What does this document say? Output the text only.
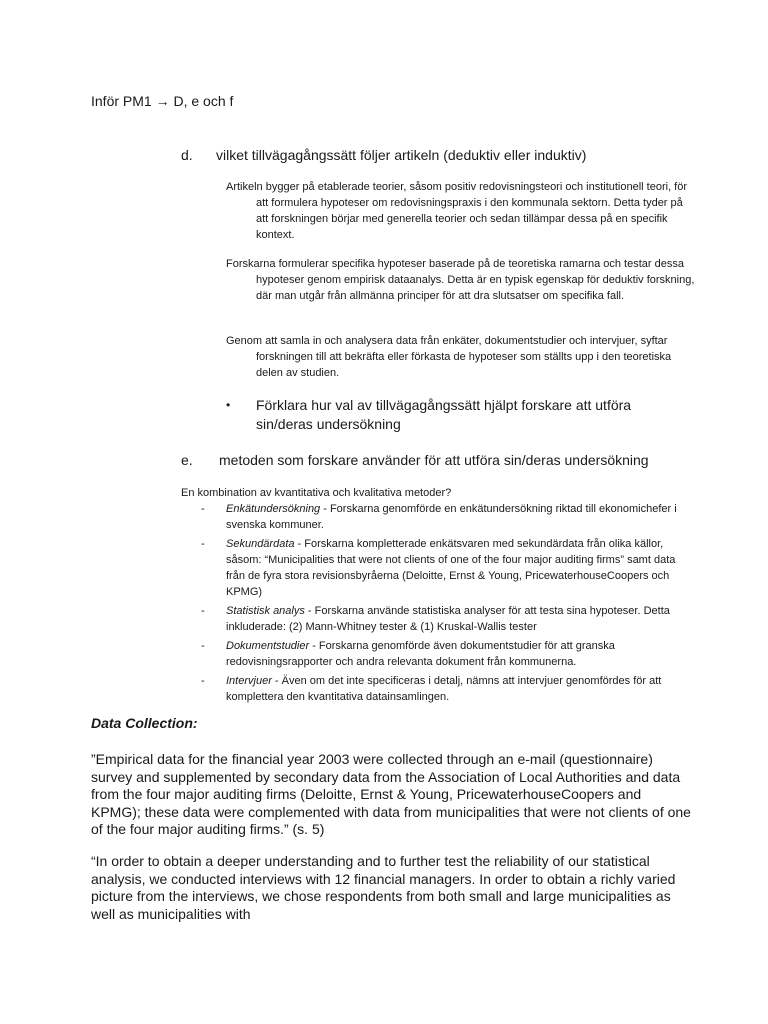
Inför PM1 → D, e och f
d. vilket tillvägagångssätt följer artikeln (deduktiv eller induktiv)

Artikeln bygger på etablerade teorier, såsom positiv redovisningsteori och institutionell teori, för att formulera hypoteser om redovisningspraxis i den kommunala sektorn. Detta tyder på att forskningen börjar med generella teorier och sedan tillämpar dessa på en specifik kontext.

Forskarna formulerar specifika hypoteser baserade på de teoretiska ramarna och testar dessa hypoteser genom empirisk dataanalys. Detta är en typisk egenskap för deduktiv forskning, där man utgår från allmänna principer för att dra slutsatser om specifika fall.

Genom att samla in och analysera data från enkäter, dokumentstudier och intervjuer, syftar forskningen till att bekräfta eller förkasta de hypoteser som ställts upp i den teoretiska delen av studien.

• Förklara hur val av tillvägagångssätt hjälpt forskare att utföra sin/deras undersökning
e. metoden som forskare använder för att utföra sin/deras undersökning
En kombination av kvantitativa och kvalitativa metoder?
- Enkätundersökning - Forskarna genomförde en enkätundersökning riktad till ekonomichefer i svenska kommuner.
- Sekundärdata - Forskarna kompletterade enkätsvaren med sekundärdata från olika källor, såsom: “Municipalities that were not clients of one of the four major auditing firms” samt data från de fyra stora revisionsbyråerna (Deloitte, Ernst & Young, PricewaterhouseCoopers och KPMG)
- Statistisk analys - Forskarna använde statistiska analyser för att testa sina hypoteser. Detta inkluderade: (2) Mann-Whitney tester & (1) Kruskal-Wallis tester
- Dokumentstudier - Forskarna genomförde även dokumentstudier för att granska redovisningsrapporter och andra relevanta dokument från kommunerna.
- Intervjuer - Även om det inte specificeras i detalj, nämns att intervjuer genomfördes för att komplettera den kvantitativa datainsamlingen.
Data Collection:

”Empirical data for the financial year 2003 were collected through an e-mail (questionnaire) survey and supplemented by secondary data from the Association of Local Authorities and data from the four major auditing firms (Deloitte, Ernst & Young, PricewaterhouseCoopers and KPMG); these data were complemented with data from municipalities that were not clients of one of the four major auditing firms.” (s. 5)

“In order to obtain a deeper understanding and to further test the reliability of our statistical analysis, we conducted interviews with 12 financial managers. In order to obtain a richly varied picture from the interviews, we chose respondents from both small and large municipalities as well as municipalities with
